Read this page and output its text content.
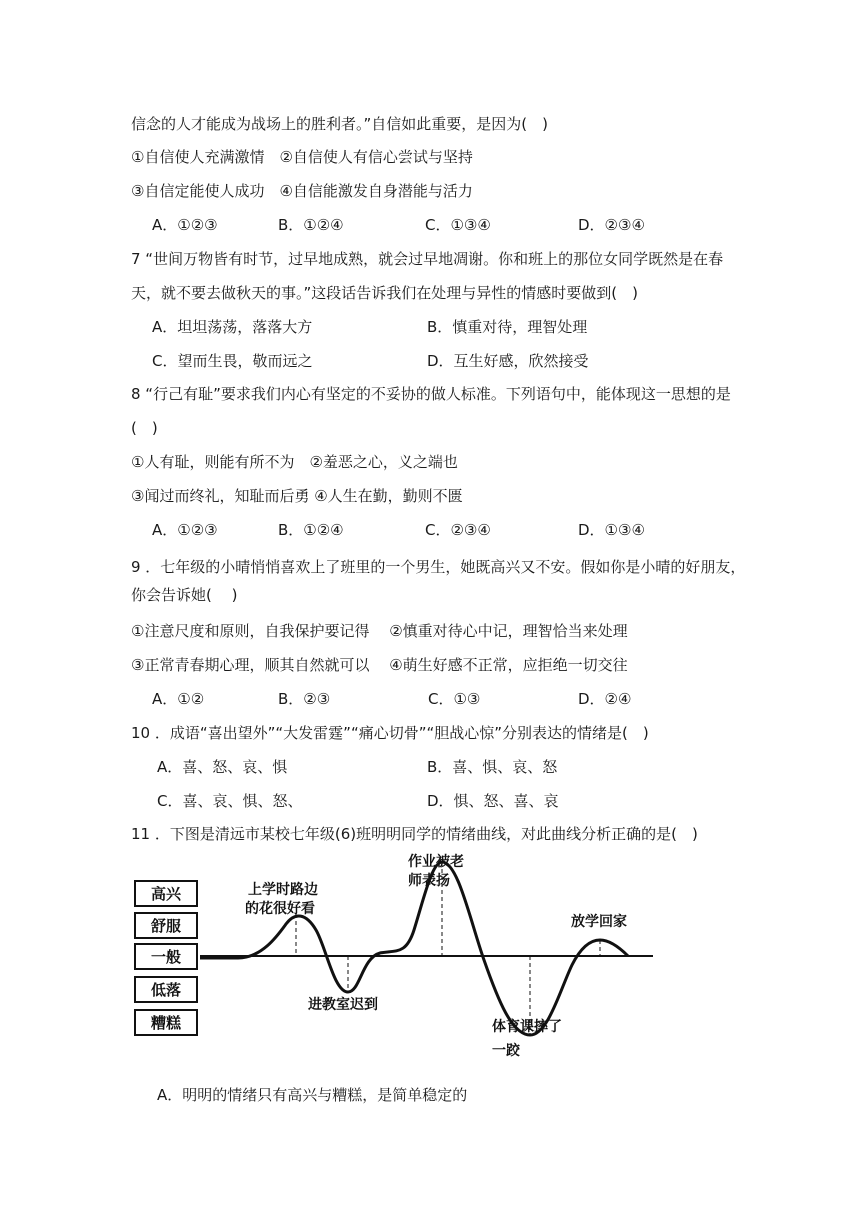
信念的人才能成为战场上的胜利者。”自信如此重要，是因为(　)
①自信使人充满激情　②自信使人有信心尝试与坚持
③自信定能使人成功　④自信能激发自身潜能与活力
A．①②③	B．①②④	C．①③④	D．②③④
7 “世间万物皆有时节，过早地成熟，就会过早地凋谢。你和班上的那位女同学既然是在春
天，就不要去做秋天的事。”这段话告诉我们在处理与异性的情感时要做到(　)
A．坦坦荡荡，落落大方	B．慎重对待，理智处理
C．望而生畏，敬而远之	D．互生好感，欣然接受
8 “行己有耻”要求我们内心有坚定的不妥协的做人标准。下列语句中，能体现这一思想的是
(　)
①人有耻，则能有所不为　②羞恶之心，义之端也
③闻过而终礼，知耻而后勇 ④人生在勤，勤则不匮
A．①②③	B．①②④	C．②③④	D．①③④
9 ．七年级的小晴悄悄喜欢上了班里的一个男生，她既高兴又不安。假如你是小晴的好朋友，
你会告诉她(　 )
①注意尺度和原则，自我保护要记得　 ②慎重对待心中记，理智恰当来处理
③正常青春期心理，顺其自然就可以　 ④萌生好感不正常，应拒绝一切交往
A．①②	B．②③	C．①③	D．②④
10 ．成语“喜出望外”“大发雷霆”“痛心切骨”“胆战心惊”分别表达的情绪是(　)
A．喜、怒、哀、惧	B．喜、惧、哀、怒
C．喜、哀、惧、怒、	D．惧、怒、喜、哀
11 ．下图是清远市某校七年级(6)班明明同学的情绪曲线，对此曲线分析正确的是(　)
高兴
舒服
一般
低落
糟糕
上学时路边
的花很好看
进教室迟到
作业被老
师表扬
体育课摔了
一跤
放学回家
A．明明的情绪只有高兴与糟糕，是简单稳定的
